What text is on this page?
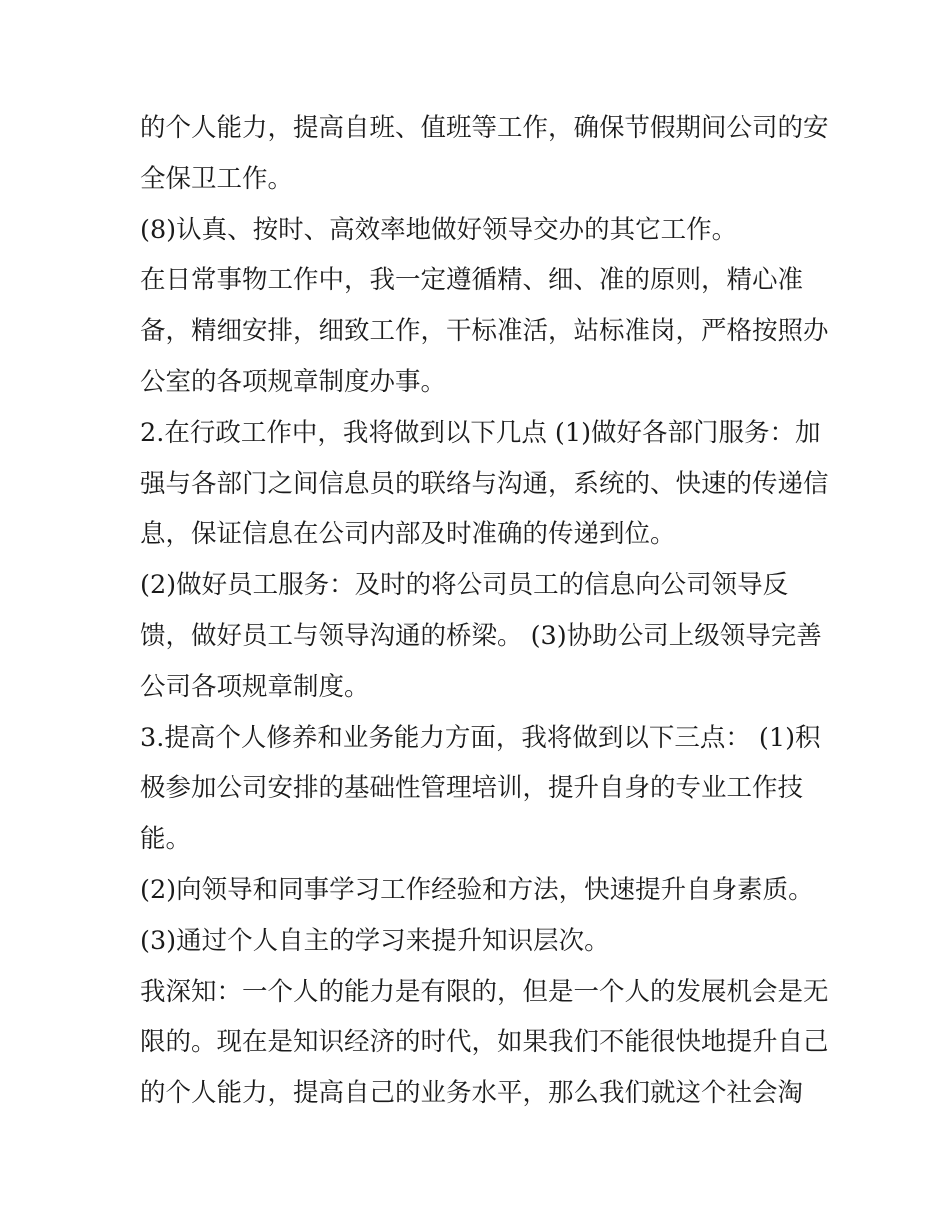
的个人能力，提高自班、值班等工作，确保节假期间公司的安
全保卫工作。
(8)认真、按时、高效率地做好领导交办的其它工作。
在日常事物工作中，我一定遵循精、细、准的原则，精心准
备，精细安排，细致工作，干标准活，站标准岗，严格按照办
公室的各项规章制度办事。
2.在行政工作中，我将做到以下几点 (1)做好各部门服务：加
强与各部门之间信息员的联络与沟通，系统的、快速的传递信
息，保证信息在公司内部及时准确的传递到位。
(2)做好员工服务：及时的将公司员工的信息向公司领导反
馈，做好员工与领导沟通的桥梁。 (3)协助公司上级领导完善
公司各项规章制度。
3.提高个人修养和业务能力方面，我将做到以下三点： (1)积
极参加公司安排的基础性管理培训，提升自身的专业工作技
能。
(2)向领导和同事学习工作经验和方法，快速提升自身素质。
(3)通过个人自主的学习来提升知识层次。
我深知：一个人的能力是有限的，但是一个人的发展机会是无
限的。现在是知识经济的时代，如果我们不能很快地提升自己
的个人能力，提高自己的业务水平，那么我们就这个社会淘
